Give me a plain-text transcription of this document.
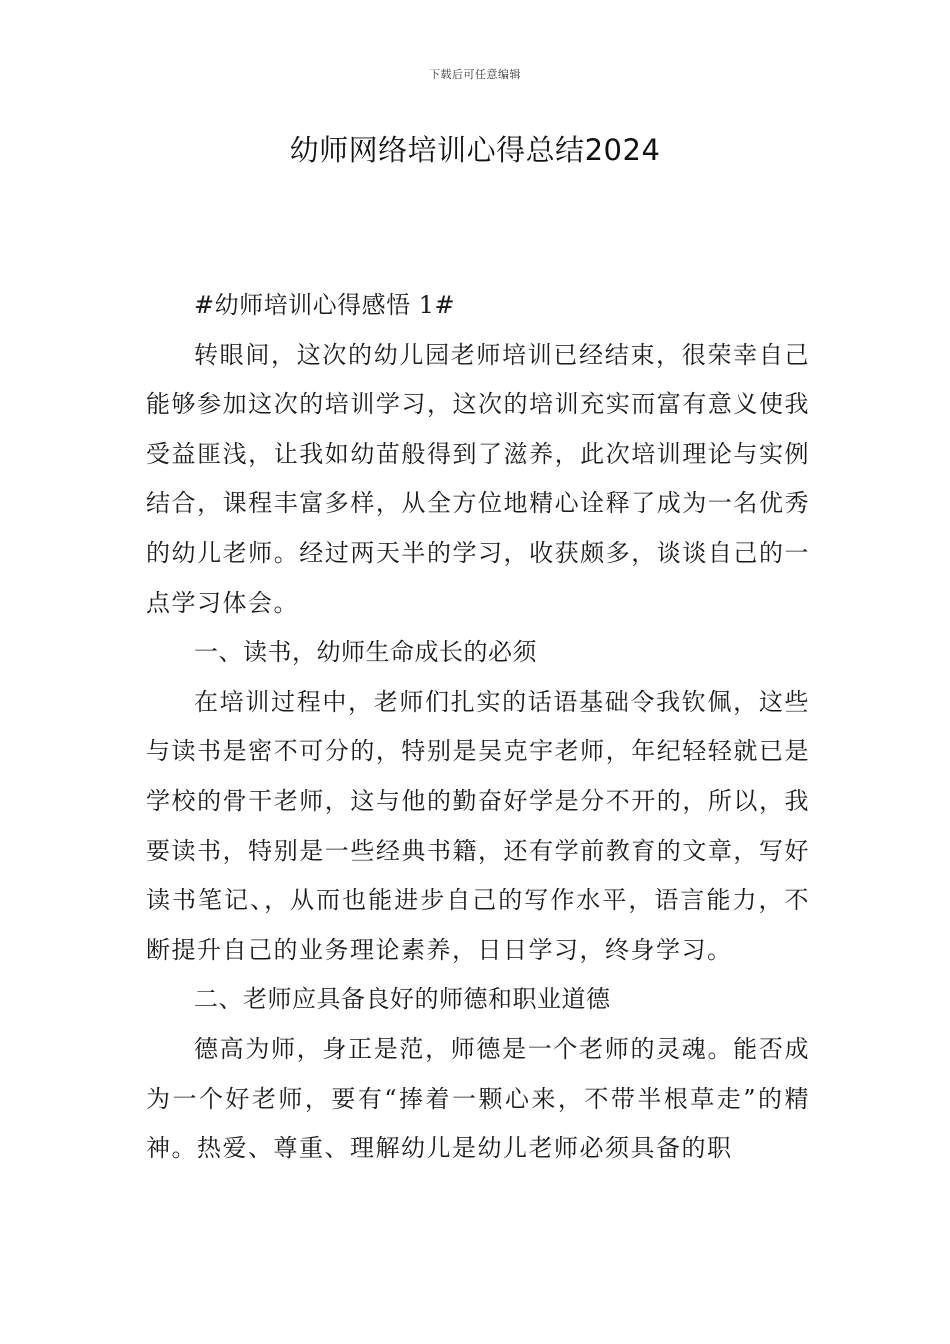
下载后可任意编辑
幼师网络培训心得总结2024

#幼师培训心得感悟 1#

转眼间，这次的幼儿园老师培训已经结束，很荣幸自己能够参加这次的培训学习，这次的培训充实而富有意义使我受益匪浅，让我如幼苗般得到了滋养，此次培训理论与实例结合，课程丰富多样，从全方位地精心诠释了成为一名优秀的幼儿老师。经过两天半的学习，收获颇多，谈谈自己的一点学习体会。

一、读书，幼师生命成长的必须

在培训过程中，老师们扎实的话语基础令我钦佩，这些与读书是密不可分的，特别是吴克宇老师，年纪轻轻就已是学校的骨干老师，这与他的勤奋好学是分不开的，所以，我要读书，特别是一些经典书籍，还有学前教育的文章，写好读书笔记、，从而也能进步自己的写作水平，语言能力，不断提升自己的业务理论素养，日日学习，终身学习。

二、老师应具备良好的师德和职业道德

德高为师，身正是范，师德是一个老师的灵魂。能否成为一个好老师，要有“捧着一颗心来，不带半根草走”的精神。热爱、尊重、理解幼儿是幼儿老师必须具备的职
